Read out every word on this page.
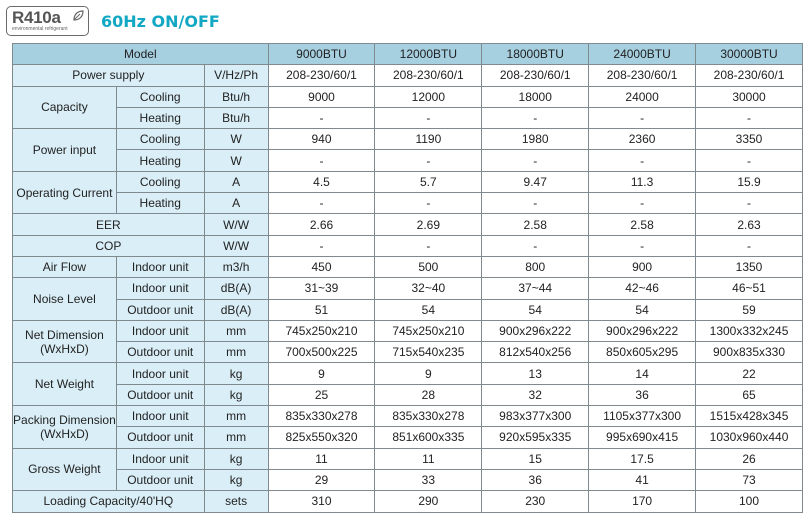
R410a
environmental refrigerant	60Hz ON/OFF
Model			9000BTU	12000BTU	18000BTU	24000BTU	30000BTU
Power supply		V/Hz/Ph	208-230/60/1	208-230/60/1	208-230/60/1	208-230/60/1	208-230/60/1
Capacity	Cooling	Btu/h	9000	12000	18000	24000	30000
	Heating	Btu/h	-	-	-	-	-
Power input	Cooling	W	940	1190	1980	2360	3350
	Heating	W	-	-	-	-	-
Operating Current	Cooling	A	4.5	5.7	9.47	11.3	15.9
	Heating	A	-	-	-	-	-
EER		W/W	2.66	2.69	2.58	2.58	2.63
COP		W/W	-	-	-	-	-
Air Flow	Indoor unit	m3/h	450	500	800	900	1350
Noise Level	Indoor unit	dB(A)	31~39	32~40	37~44	42~46	46~51
	Outdoor unit	dB(A)	51	54	54	54	59
Net Dimension (WxHxD)	Indoor unit	mm	745x250x210	745x250x210	900x296x222	900x296x222	1300x332x245
	Outdoor unit	mm	700x500x225	715x540x235	812x540x256	850x605x295	900x835x330
Net Weight	Indoor unit	kg	9	9	13	14	22
	Outdoor unit	kg	25	28	32	36	65
Packing Dimension (WxHxD)	Indoor unit	mm	835x330x278	835x330x278	983x377x300	1105x377x300	1515x428x345
	Outdoor unit	mm	825x550x320	851x600x335	920x595x335	995x690x415	1030x960x440
Gross Weight	Indoor unit	kg	11	11	15	17.5	26
	Outdoor unit	kg	29	33	36	41	73
Loading Capacity/40'HQ		sets	310	290	230	170	100
